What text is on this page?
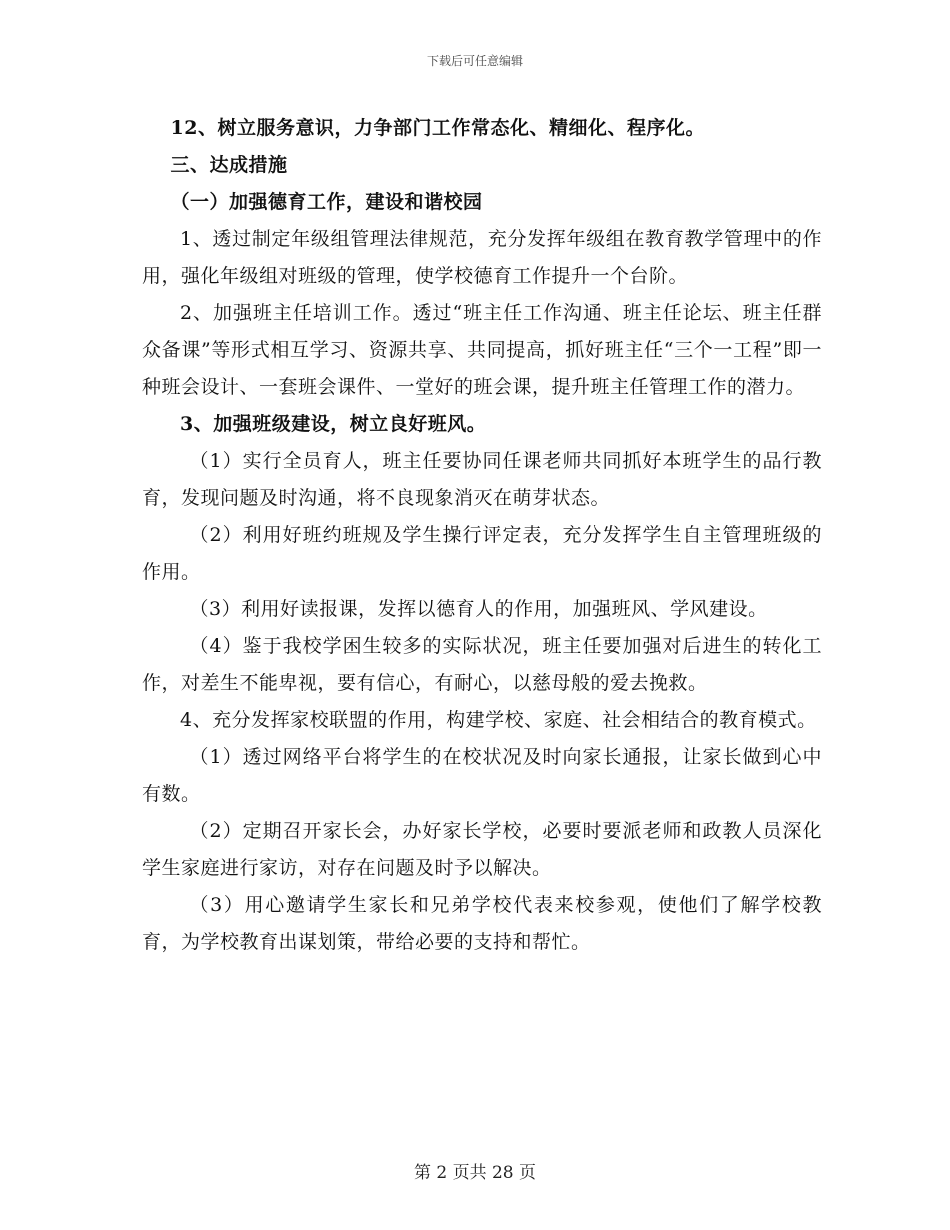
下载后可任意编辑

12、树立服务意识，力争部门工作常态化、精细化、程序化。

三、达成措施

（一）加强德育工作，建设和谐校园

1、透过制定年级组管理法律规范，充分发挥年级组在教育教学管理中的作用，强化年级组对班级的管理，使学校德育工作提升一个台阶。

2、加强班主任培训工作。透过“班主任工作沟通、班主任论坛、班主任群众备课”等形式相互学习、资源共享、共同提高，抓好班主任“三个一工程”即一种班会设计、一套班会课件、一堂好的班会课，提升班主任管理工作的潜力。

3、加强班级建设，树立良好班风。

（1）实行全员育人，班主任要协同任课老师共同抓好本班学生的品行教育，发现问题及时沟通，将不良现象消灭在萌芽状态。

（2）利用好班约班规及学生操行评定表，充分发挥学生自主管理班级的作用。

（3）利用好读报课，发挥以德育人的作用，加强班风、学风建设。

（4）鉴于我校学困生较多的实际状况，班主任要加强对后进生的转化工作，对差生不能卑视，要有信心，有耐心，以慈母般的爱去挽救。

4、充分发挥家校联盟的作用，构建学校、家庭、社会相结合的教育模式。

（1）透过网络平台将学生的在校状况及时向家长通报，让家长做到心中有数。

（2）定期召开家长会，办好家长学校，必要时要派老师和政教人员深化学生家庭进行家访，对存在问题及时予以解决。

（3）用心邀请学生家长和兄弟学校代表来校参观，使他们了解学校教育，为学校教育出谋划策，带给必要的支持和帮忙。

第 2 页共 28 页
